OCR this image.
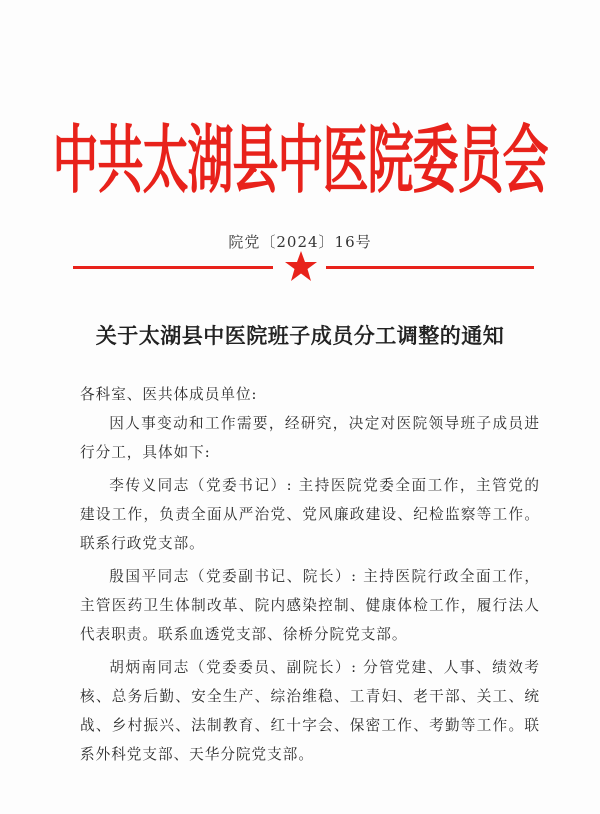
中共太湖县中医院委员会
院党〔2024〕16号
关于太湖县中医院班子成员分工调整的通知

各科室、医共体成员单位:

因人事变动和工作需要，经研究，决定对医院领导班子成员进行分工，具体如下:

李传义同志（党委书记）: 主持医院党委全面工作，主管党的建设工作，负责全面从严治党、党风廉政建设、纪检监察等工作。联系行政党支部。

殷国平同志（党委副书记、院长）: 主持医院行政全面工作，主管医药卫生体制改革、院内感染控制、健康体检工作，履行法人代表职责。联系血透党支部、徐桥分院党支部。

胡炳南同志（党委委员、副院长）: 分管党建、人事、绩效考核、总务后勤、安全生产、综治维稳、工青妇、老干部、关工、统战、乡村振兴、法制教育、红十字会、保密工作、考勤等工作。联系外科党支部、天华分院党支部。
